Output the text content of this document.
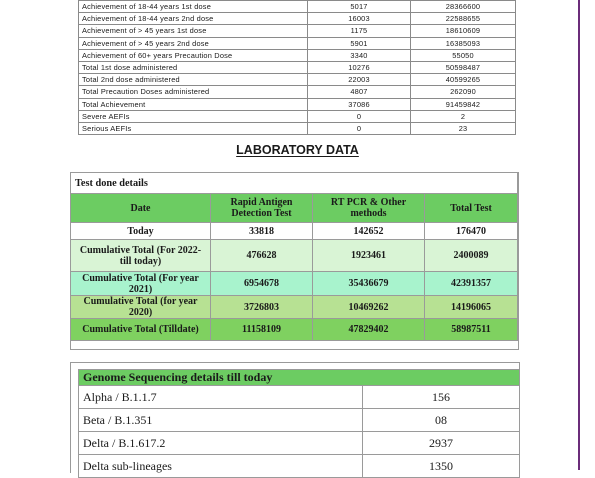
Achievement of 18-44 years 1st dose	5017	28366600
Achievement of 18-44 years 2nd dose	16003	22588655
Achievement of > 45 years 1st dose	1175	18610609
Achievement of > 45 years 2nd dose	5901	16385093
Achievement of 60+ years Precaution Dose	3340	55050
Total 1st dose administered	10276	50598487
Total 2nd dose administered	22003	40599265
Total Precaution Doses administered	4807	262090
Total Achievement	37086	91459842
Severe AEFIs	0	2
Serious AEFIs	0	23
LABORATORY DATA
Test done details			
Date	Rapid Antigen Detection Test	RT PCR & Other methods	Total Test
Today	33818	142652	176470
Cumulative Total (For 2022- till today)	476628	1923461	2400089
Cumulative Total (For year 2021)	6954678	35436679	42391357
Cumulative Total (for year 2020)	3726803	10469262	14196065
Cumulative Total (Tilldate)	11158109	47829402	58987511
Genome Sequencing details till today	
Alpha / B.1.1.7	156
Beta / B.1.351	08
Delta / B.1.617.2	2937
Delta sub-lineages	1350
